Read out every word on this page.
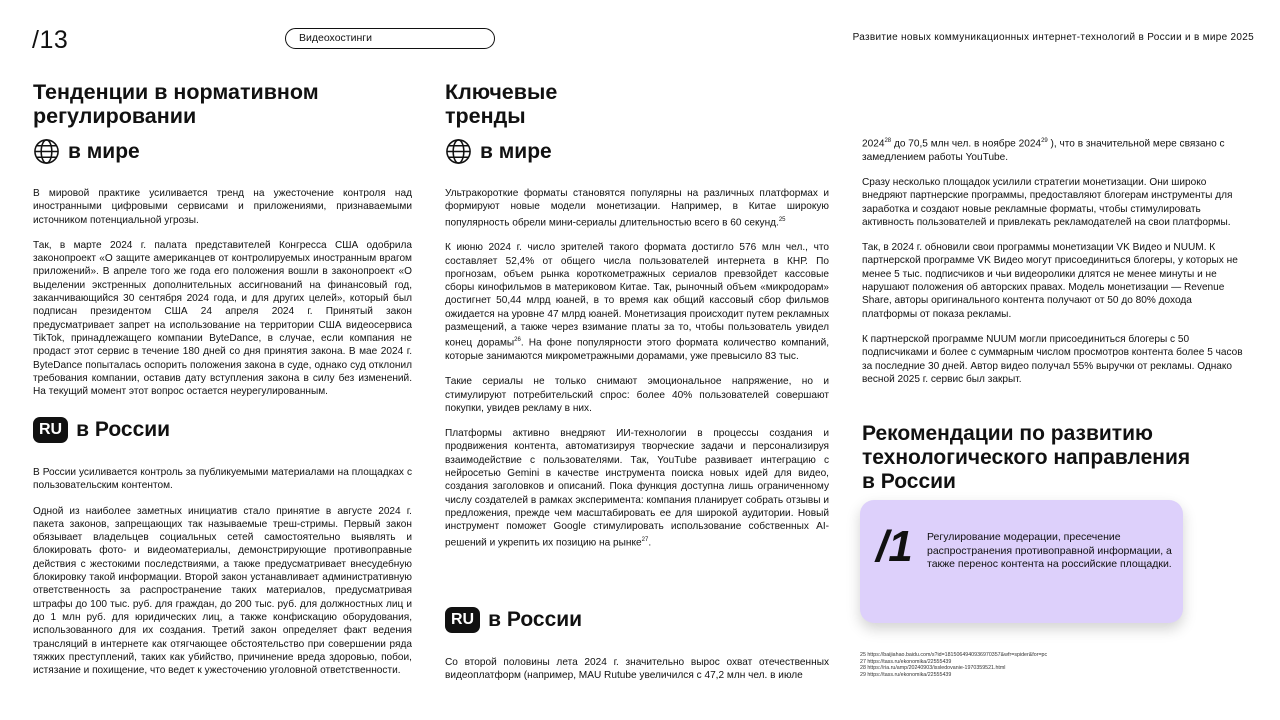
/13	Видеохостинги	Развитие новых коммуникационных интернет-технологий в России и в мире 2025
Тенденции в нормативном
регулировании
в мире

В мировой практике усиливается тренд на ужесточение контроля над иностранными цифровыми сервисами и приложениями, признаваемыми источником потенциальной угрозы.

Так, в марте 2024 г. палата представителей Конгресса США одобрила законопроект «О защите американцев от контролируемых иностранным врагом приложений». В апреле того же года его положения вошли в законопроект «О выделении экстренных дополнительных ассигнований на финансовый год, заканчивающийся 30 сентября 2024 года, и для других целей», который был подписан президентом США 24 апреля 2024 г. Принятый закон предусматривает запрет на использование на территории США видеосервиса TikTok, принадлежащего компании ByteDance, в случае, если компания не продаст этот сервис в течение 180 дней со дня принятия закона. В мае 2024 г. ByteDance попыталась оспорить положения закона в суде, однако суд отклонил требования компании, оставив дату вступления закона в силу без изменений. На текущий момент этот вопрос остается неурегулированным.

RU в России

В России усиливается контроль за публикуемыми материалами на площадках с пользовательским контентом.

Одной из наиболее заметных инициатив стало принятие в августе 2024 г. пакета законов, запрещающих так называемые треш-стримы. Первый закон обязывает владельцев социальных сетей самостоятельно выявлять и блокировать фото- и видеоматериалы, демонстрирующие противоправные действия с жестокими последствиями, а также предусматривает внесудебную блокировку такой информации. Второй закон устанавливает административную ответственность за распространение таких материалов, предусматривая штрафы до 100 тыс. руб. для граждан, до 200 тыс. руб. для должностных лиц и до 1 млн руб. для юридических лиц, а также конфискацию оборудования, использованного для их создания. Третий закон определяет факт ведения трансляций в интернете как отягчающее обстоятельство при совершении ряда тяжких преступлений, таких как убийство, причинение вреда здоровью, побои, истязание и похищение, что ведет к ужесточению уголовной ответственности.

Ключевые
тренды
в мире

Ультракороткие форматы становятся популярны на различных платформах и формируют новые модели монетизации. Например, в Китае широкую популярность обрели мини-сериалы длительностью всего в 60 секунд.$^{25}$

К июню 2024 г. число зрителей такого формата достигло 576 млн чел., что составляет 52,4% от общего числа пользователей интернета в КНР. По прогнозам, объем рынка короткометражных сериалов превзойдет кассовые сборы кинофильмов в материковом Китае. Так, рыночный объем «микродорам» достигнет 50,44 млрд юаней, в то время как общий кассовый сбор фильмов ожидается на уровне 47 млрд юаней. Монетизация происходит путем рекламных размещений, а также через взимание платы за то, чтобы пользователь увидел конец дорамы$^{26}$. На фоне популярности этого формата количество компаний, которые занимаются микрометражными дорамами, уже превысило 83 тыс.

Такие сериалы не только снимают эмоциональное напряжение, но и стимулируют потребительский спрос: более 40% пользователей совершают покупки, увидев рекламу в них.

Платформы активно внедряют ИИ-технологии в процессы создания и продвижения контента, автоматизируя творческие задачи и персонализируя взаимодействие с пользователями. Так, YouTube развивает интеграцию с нейросетью Gemini в качестве инструмента поиска новых идей для видео, создания заголовков и описаний. Пока функция доступна лишь ограниченному числу создателей в рамках эксперимента: компания планирует собрать отзывы и предложения, прежде чем масштабировать ее для широкой аудитории. Новый инструмент поможет Google стимулировать использование собственных AI-решений и укрепить их позицию на рынке$^{27}$.

RU в России

Со второй половины лета 2024 г. значительно вырос охват отечественных видеоплатформ (например, MAU Rutube увеличился с 47,2 млн чел. в июле

2024$^{28}$ до 70,5 млн чел. в ноябре 2024$^{29}$ ), что в значительной мере связано с замедлением работы YouTube.

Сразу несколько площадок усилили стратегии монетизации. Они широко внедряют партнерские программы, предоставляют блогерам инструменты для заработка и создают новые рекламные форматы, чтобы стимулировать активность пользователей и привлекать рекламодателей на свои платформы.

Так, в 2024 г. обновили свои программы монетизации VK Видео и NUUM. К партнерской программе VK Видео могут присоединиться блогеры, у которых не менее 5 тыс. подписчиков и чьи видеоролики длятся не менее минуты и не нарушают положения об авторских правах. Модель монетизации — Revenue Share, авторы оригинального контента получают от 50 до 80% дохода платформы от показа рекламы.

К партнерской программе NUUM могли присоединиться блогеры с 50 подписчиками и более с суммарным числом просмотров контента более 5 часов за последние 30 дней. Автор видео получал 55% выручки от рекламы. Однако весной 2025 г. сервис был закрыт.

Рекомендации по развитию
технологического направления
в России
/1 Регулирование модерации, пресечение распространения противоправной информации, а также перенос контента на российские площадки.
25 https://baijiahao.baidu.com/s?id=1815064940936970357&wfr=spider&for=pc
27 https://tass.ru/ekonomika/22555439
28 https://ria.ru/amp/20240903/issledovanie-1970359521.html
29 https://tass.ru/ekonomika/22555439
